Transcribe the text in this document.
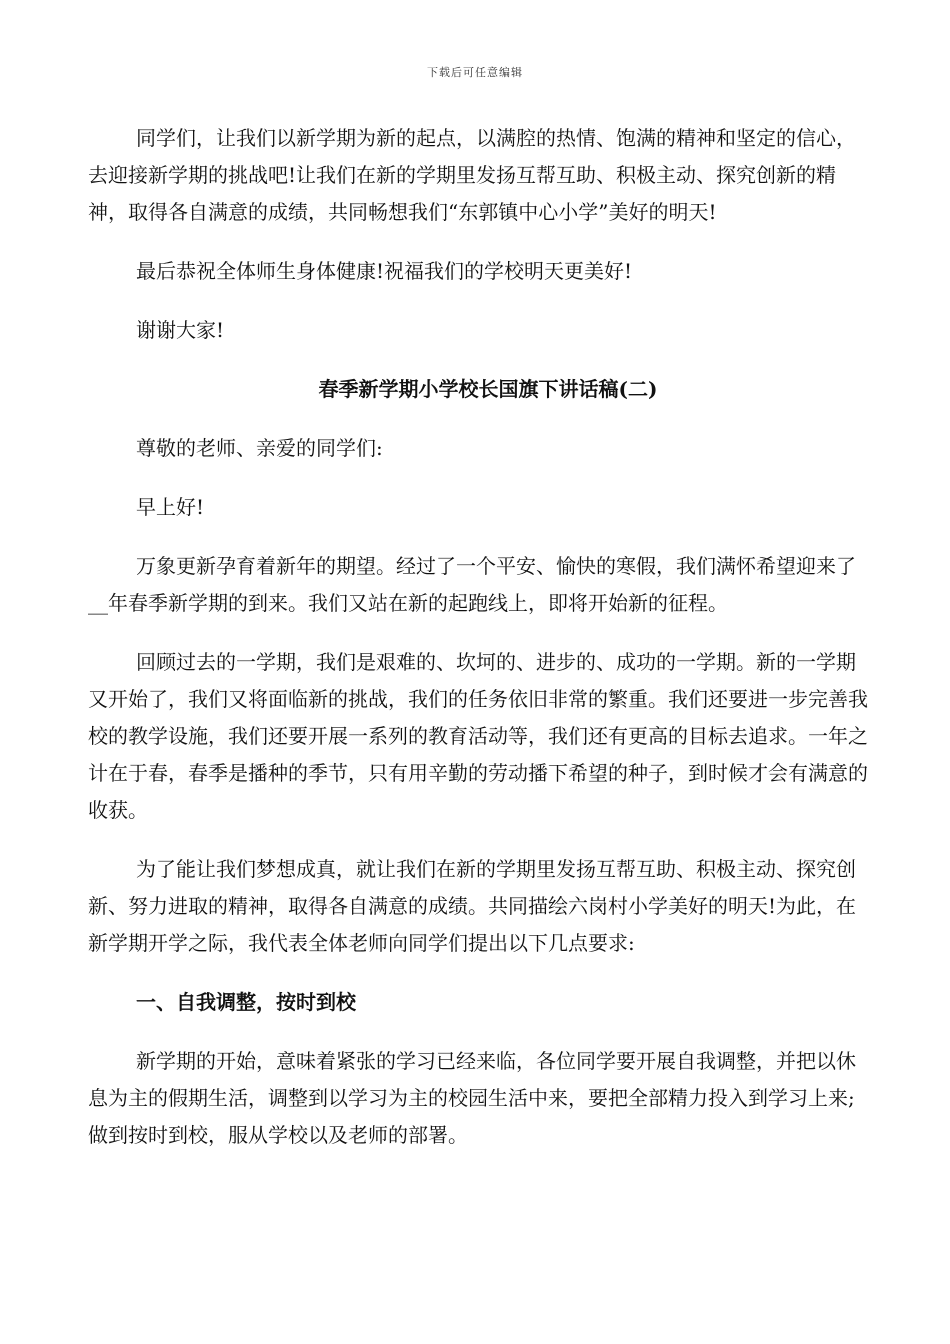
下载后可任意编辑

同学们，让我们以新学期为新的起点，以满腔的热情、饱满的精神和坚定的信心，去迎接新学期的挑战吧!让我们在新的学期里发扬互帮互助、积极主动、探究创新的精神，取得各自满意的成绩，共同畅想我们“东郭镇中心小学”美好的明天!

最后恭祝全体师生身体健康!祝福我们的学校明天更美好!

谢谢大家!

春季新学期小学校长国旗下讲话稿(二)

尊敬的老师、亲爱的同学们:

早上好!

万象更新孕育着新年的期望。经过了一个平安、愉快的寒假，我们满怀希望迎来了__年春季新学期的到来。我们又站在新的起跑线上，即将开始新的征程。

回顾过去的一学期，我们是艰难的、坎坷的、进步的、成功的一学期。新的一学期又开始了，我们又将面临新的挑战，我们的任务依旧非常的繁重。我们还要进一步完善我校的教学设施，我们还要开展一系列的教育活动等，我们还有更高的目标去追求。一年之计在于春，春季是播种的季节，只有用辛勤的劳动播下希望的种子，到时候才会有满意的收获。

为了能让我们梦想成真，就让我们在新的学期里发扬互帮互助、积极主动、探究创新、努力进取的精神，取得各自满意的成绩。共同描绘六岗村小学美好的明天!为此，在新学期开学之际，我代表全体老师向同学们提出以下几点要求:

一、自我调整，按时到校

新学期的开始，意味着紧张的学习已经来临，各位同学要开展自我调整，并把以休息为主的假期生活，调整到以学习为主的校园生活中来，要把全部精力投入到学习上来;做到按时到校，服从学校以及老师的部署。
